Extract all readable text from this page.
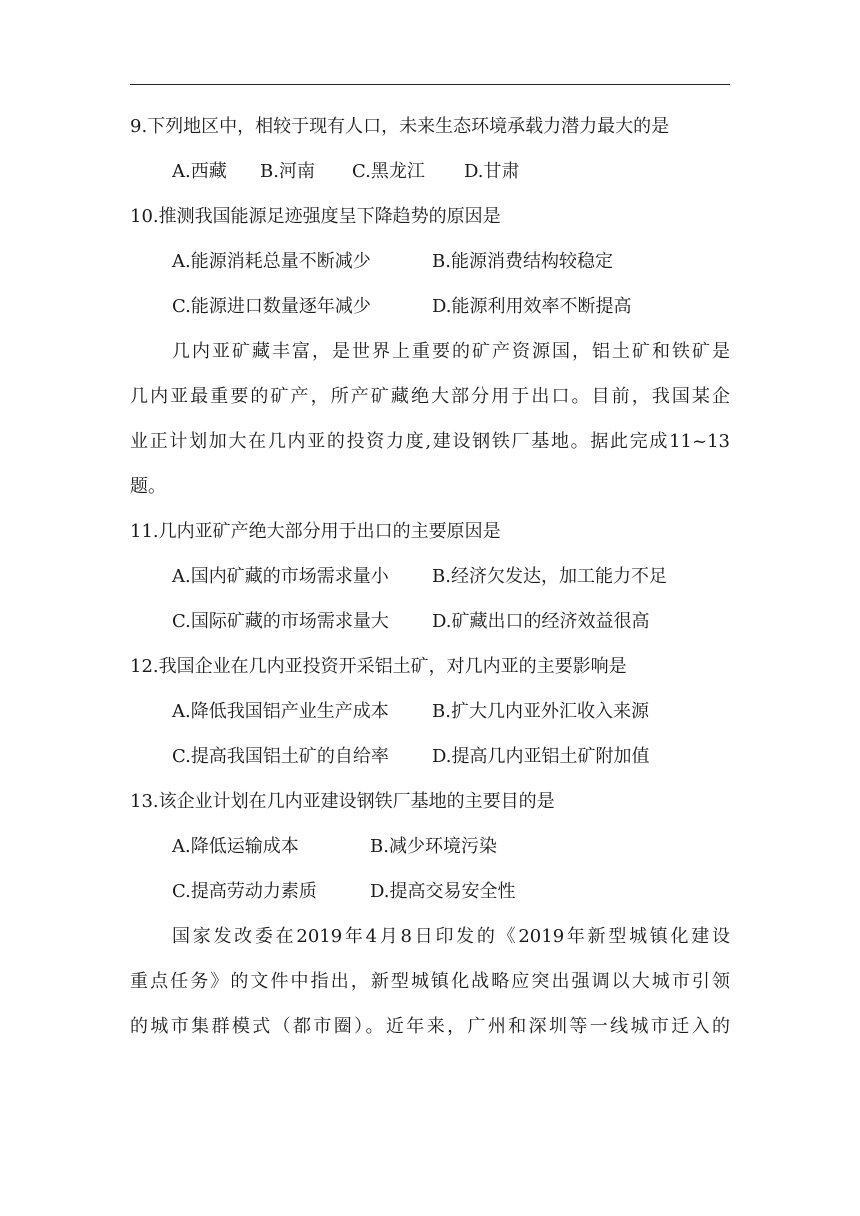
9.下列地区中，相较于现有人口，未来生态环境承载力潜力最大的是
A.西藏 B.河南 C.黑龙江 D.甘肃
10.推测我国能源足迹强度呈下降趋势的原因是
A.能源消耗总量不断减少	B.能源消费结构较稳定
C.能源进口数量逐年减少	D.能源利用效率不断提高
几内亚矿藏丰富，是世界上重要的矿产资源国，铝土矿和铁矿是
几内亚最重要的矿产，所产矿藏绝大部分用于出口。目前，我国某企
业正计划加大在几内亚的投资力度,建设钢铁厂基地。据此完成11~13
题。
11.几内亚矿产绝大部分用于出口的主要原因是
A.国内矿藏的市场需求量小 B.经济欠发达，加工能力不足
C.国际矿藏的市场需求量大 D.矿藏出口的经济效益很高
12.我国企业在几内亚投资开采铝土矿，对几内亚的主要影响是
A.降低我国铝产业生产成本 B.扩大几内亚外汇收入来源
C.提高我国铝土矿的自给率 D.提高几内亚铝土矿附加值
13.该企业计划在几内亚建设钢铁厂基地的主要目的是
A.降低运输成本	B.减少环境污染
C.提高劳动力素质	D.提高交易安全性
国家发改委在2019年4月8日印发的《2019年新型城镇化建设
重点任务》的文件中指出，新型城镇化战略应突出强调以大城市引领
的城市集群模式（都市圈）。近年来，广州和深圳等一线城市迁入的
